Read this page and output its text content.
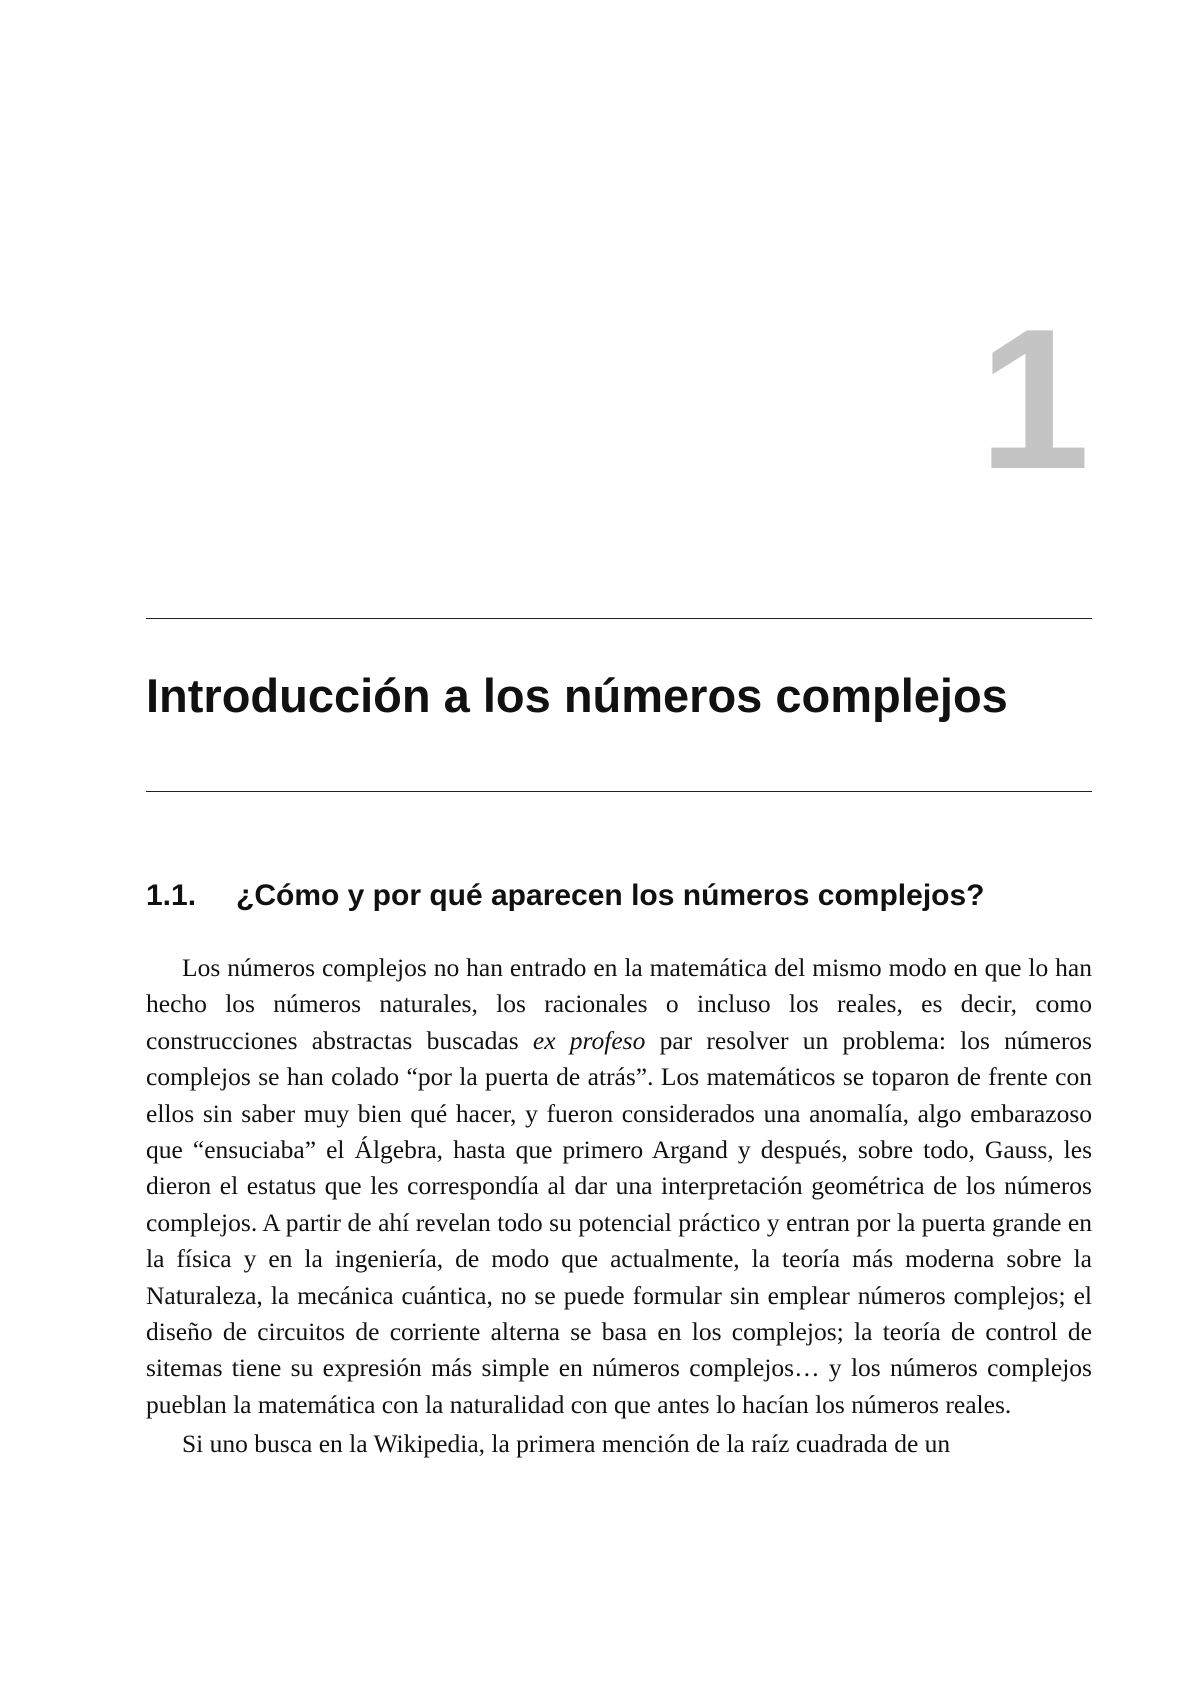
1
Introducción a los números complejos
1.1. ¿Cómo y por qué aparecen los números complejos?

Los números complejos no han entrado en la matemática del mismo modo en que lo han hecho los números naturales, los racionales o incluso los reales, es decir, como construcciones abstractas buscadas ex profeso par resolver un problema: los números complejos se han colado “por la puerta de atrás”. Los matemáticos se toparon de frente con ellos sin saber muy bien qué hacer, y fueron considerados una anomalía, algo embarazoso que “ensuciaba” el Álgebra, hasta que primero Argand y después, sobre todo, Gauss, les dieron el estatus que les correspondía al dar una interpretación geométrica de los números complejos. A partir de ahí revelan todo su potencial práctico y entran por la puerta grande en la física y en la ingeniería, de modo que actualmente, la teoría más moderna sobre la Naturaleza, la mecánica cuántica, no se puede formular sin emplear números complejos; el diseño de circuitos de corriente alterna se basa en los complejos; la teoría de control de sitemas tiene su expresión más simple en números complejos… y los números complejos pueblan la matemática con la naturalidad con que antes lo hacían los números reales.

Si uno busca en la Wikipedia, la primera mención de la raíz cuadrada de un
